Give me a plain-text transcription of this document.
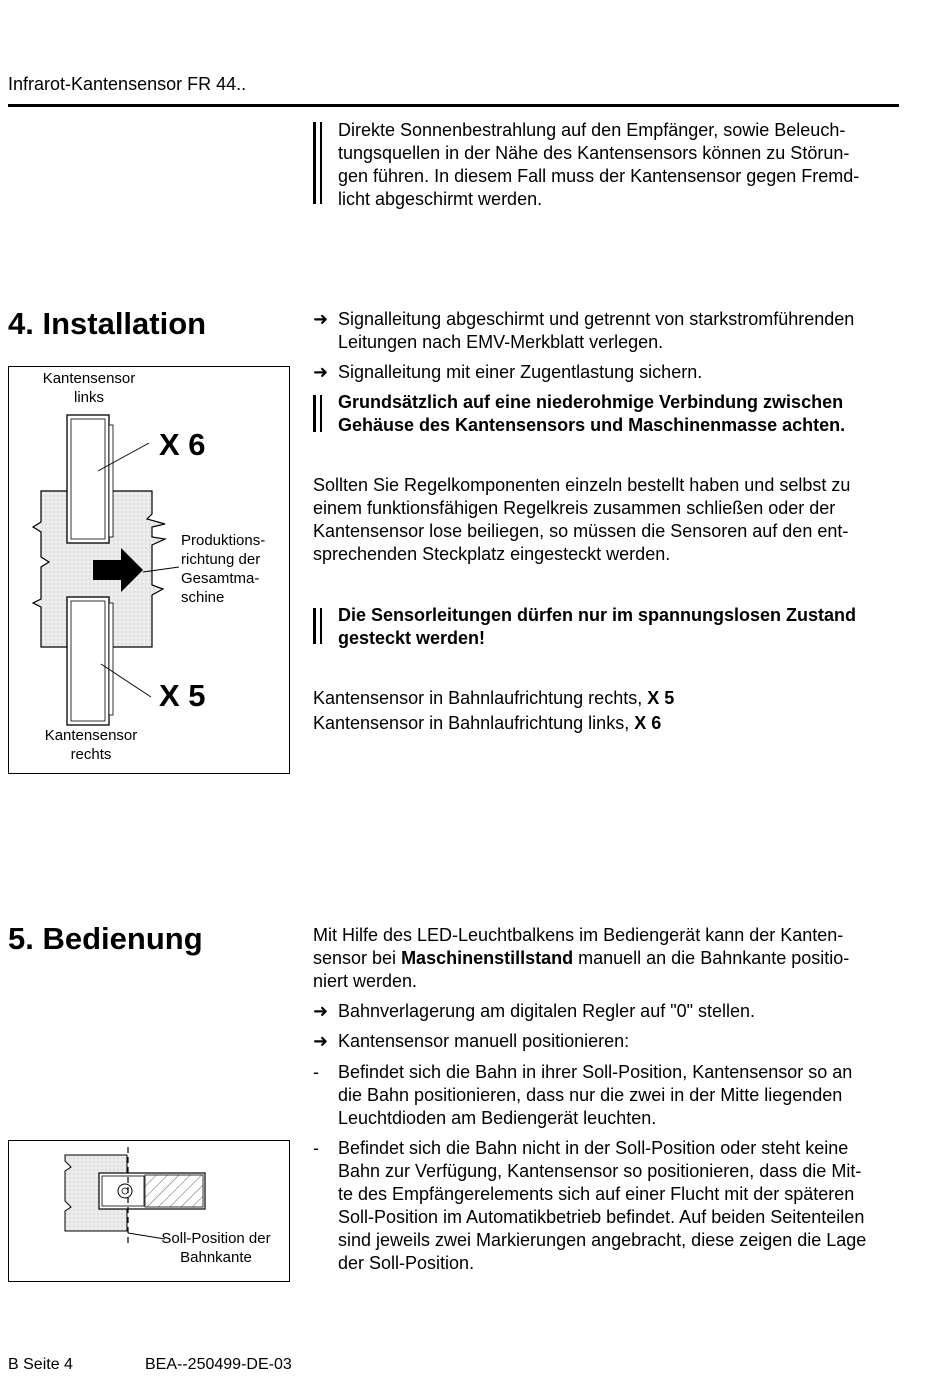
Infrarot-Kantensensor FR 44..

Direkte Sonnenbestrahlung auf den Empfänger, sowie Beleuch-

tungsquellen in der Nähe des Kantensensors können zu Störun-

gen führen. In diesem Fall muss der Kantensensor gegen Fremd-

licht abgeschirmt werden.

4. Installation	➜ Signalleitung abgeschirmt und getrennt von starkstromführenden

Leitungen nach EMV-Merkblatt verlegen.

➜ Signalleitung mit einer Zugentlastung sichern.

Grundsätzlich auf eine niederohmige Verbindung zwischen

Gehäuse des Kantensensors und Maschinenmasse achten.

Sollten Sie Regelkomponenten einzeln bestellt haben und selbst zu

einem funktionsfähigen Regelkreis zusammen schließen oder der

Kantensensor lose beiliegen, so müssen die Sensoren auf den ent-

sprechenden Steckplatz eingesteckt werden.

Die Sensorleitungen dürfen nur im spannungslosen Zustand

gesteckt werden!

Kantensensor in Bahnlaufrichtung rechts, X 5

Kantensensor in Bahnlaufrichtung links, X 6

Kantensensor
links
X 6
Produktions-
richtung der
Gesamtma-
schine
X 5
Kantensensor
rechts
5. Bedienung	Mit Hilfe des LED-Leuchtbalkens im Bediengerät kann der Kanten-

sensor bei Maschinenstillstand manuell an die Bahnkante positio-

niert werden.

➜ Bahnverlagerung am digitalen Regler auf "0" stellen.

➜ Kantensensor manuell positionieren:

-	Befindet sich die Bahn in ihrer Soll-Position, Kantensensor so an

die Bahn positionieren, dass nur die zwei in der Mitte liegenden

Leuchtdioden am Bediengerät leuchten.

-	Befindet sich die Bahn nicht in der Soll-Position oder steht keine

Bahn zur Verfügung, Kantensensor so positionieren, dass die Mit-

te des Empfängerelements sich auf einer Flucht mit der späteren

Soll-Position im Automatikbetrieb befindet. Auf beiden Seitenteilen

sind jeweils zwei Markierungen angebracht, diese zeigen die Lage

der Soll-Position.

Soll-Position der
Bahnkante
B Seite 4	BEA--250499-DE-03
